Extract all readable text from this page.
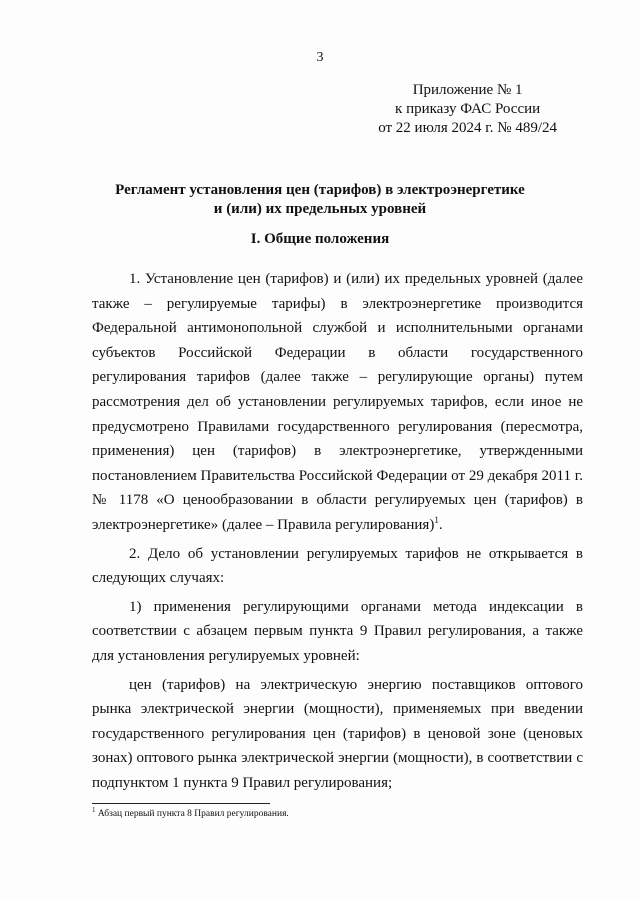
3
Приложение № 1
к приказу ФАС России
от 22 июля 2024 г. № 489/24
Регламент установления цен (тарифов) в электроэнергетике
и (или) их предельных уровней
I. Общие положения

1. Установление цен (тарифов) и (или) их предельных уровней (далее также – регулируемые тарифы) в электроэнергетике производится Федеральной антимонопольной службой и исполнительными органами субъектов Российской Федерации в области государственного регулирования тарифов (далее также – регулирующие органы) путем рассмотрения дел об установлении регулируемых тарифов, если иное не предусмотрено Правилами государственного регулирования (пересмотра, применения) цен (тарифов) в электроэнергетике, утвержденными постановлением Правительства Российской Федерации от 29 декабря 2011 г. № 1178 «О ценообразовании в области регулируемых цен (тарифов) в электроэнергетике» (далее – Правила регулирования)$^1$.

2. Дело об установлении регулируемых тарифов не открывается в следующих случаях:

1) применения регулирующими органами метода индексации в соответствии с абзацем первым пункта 9 Правил регулирования, а также для установления регулируемых уровней:

цен (тарифов) на электрическую энергию поставщиков оптового рынка электрической энергии (мощности), применяемых при введении государственного регулирования цен (тарифов) в ценовой зоне (ценовых зонах) оптового рынка электрической энергии (мощности), в соответствии с подпунктом 1 пункта 9 Правил регулирования;

$^1$ Абзац первый пункта 8 Правил регулирования.
